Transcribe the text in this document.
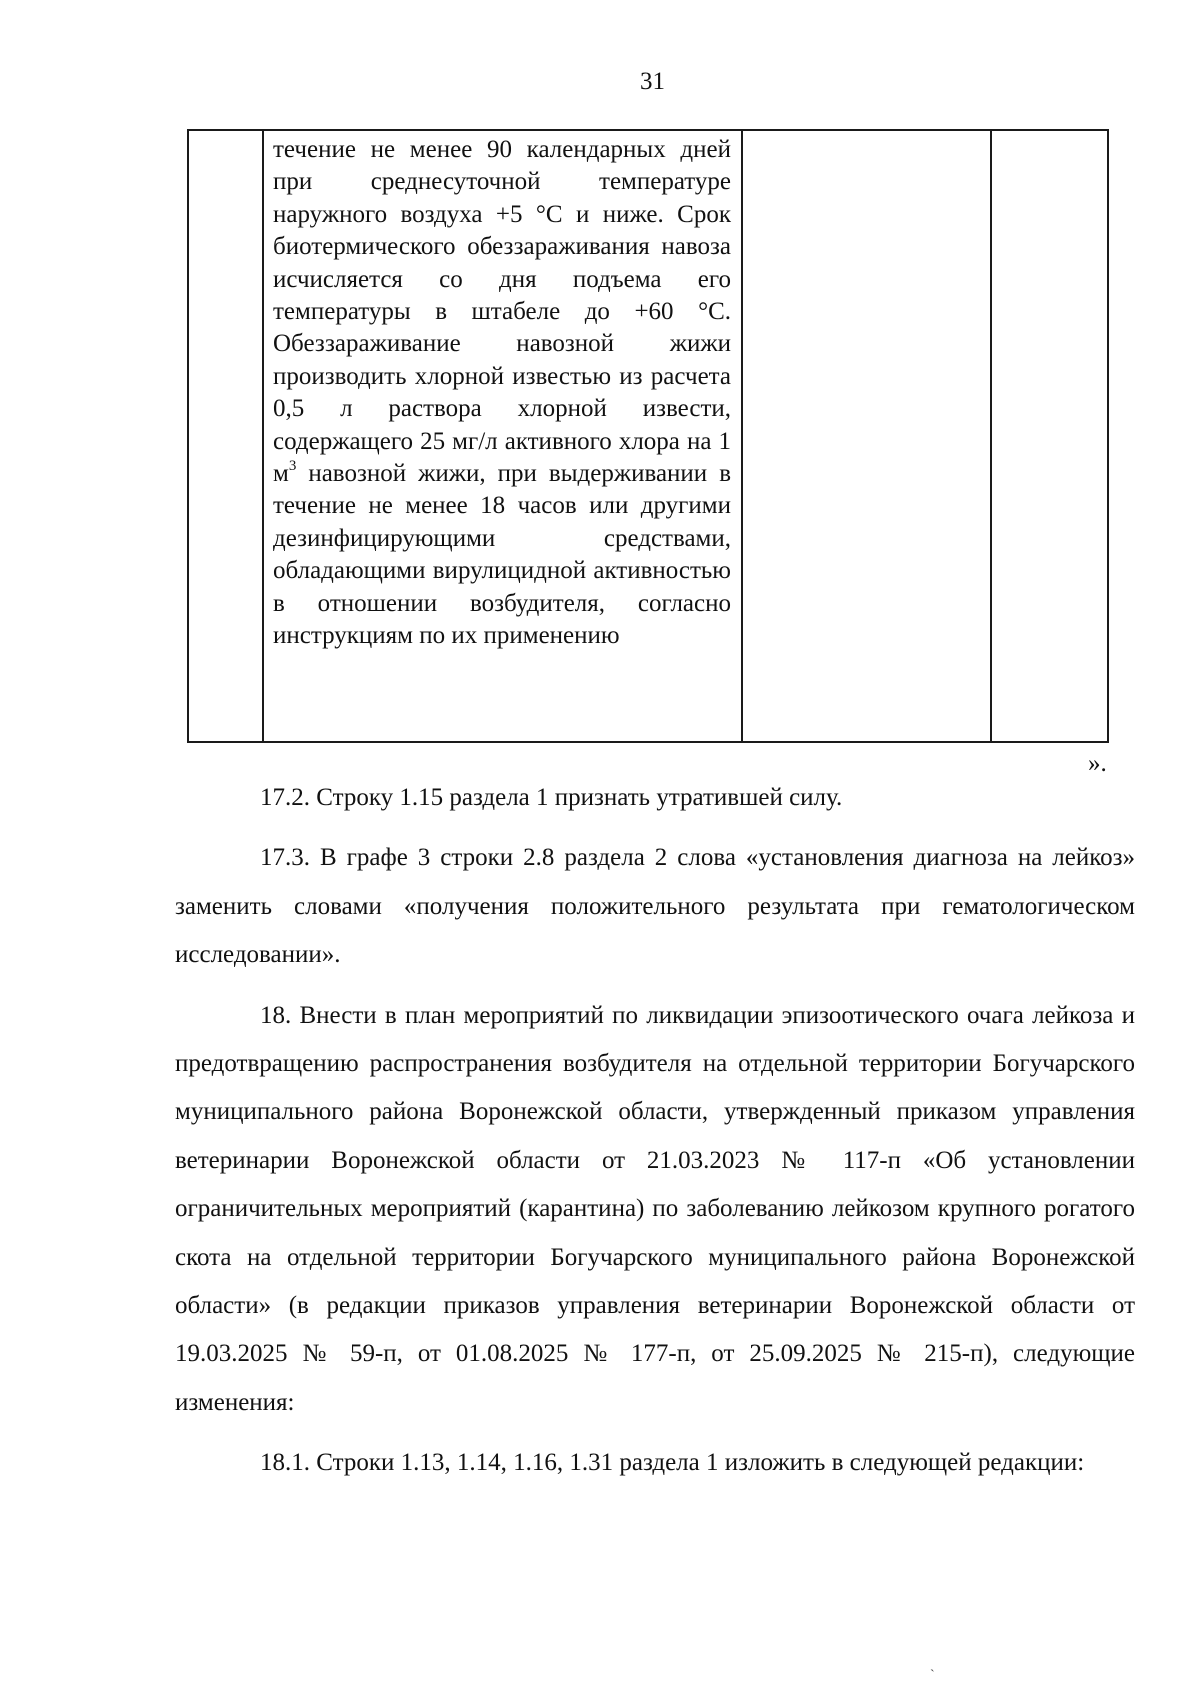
31

течение не менее 90 календарных дней при среднесуточной температуре наружного воздуха +5 °С и ниже. Срок биотермического обеззараживания навоза исчисляется со дня подъема его температуры в штабеле до +60 °С. Обеззараживание навозной жижи производить хлорной известью из расчета 0,5 л раствора хлорной извести, содержащего 25 мг/л активного хлора на 1 $м^3$ навозной жижи, при выдерживании в течение не менее 18 часов или другими дезинфицирующими средствами, обладающими вирулицидной активностью в отношении возбудителя, согласно инструкциям по их применению

».

17.2. Строку 1.15 раздела 1 признать утратившей силу.

17.3. В графе 3 строки 2.8 раздела 2 слова «установления диагноза на лейкоз» заменить словами «получения положительного результата при гематологическом исследовании».

18. Внести в план мероприятий по ликвидации эпизоотического очага лейкоза и предотвращению распространения возбудителя на отдельной территории Богучарского муниципального района Воронежской области, утвержденный приказом управления ветеринарии Воронежской области от 21.03.2023 № 117-п «Об установлении ограничительных мероприятий (карантина) по заболеванию лейкозом крупного рогатого скота на отдельной территории Богучарского муниципального района Воронежской области» (в редакции приказов управления ветеринарии Воронежской области от 19.03.2025 № 59-п, от 01.08.2025 № 177-п, от 25.09.2025 № 215-п), следующие изменения:

18.1. Строки 1.13, 1.14, 1.16, 1.31 раздела 1 изложить в следующей редакции:

ˋ
